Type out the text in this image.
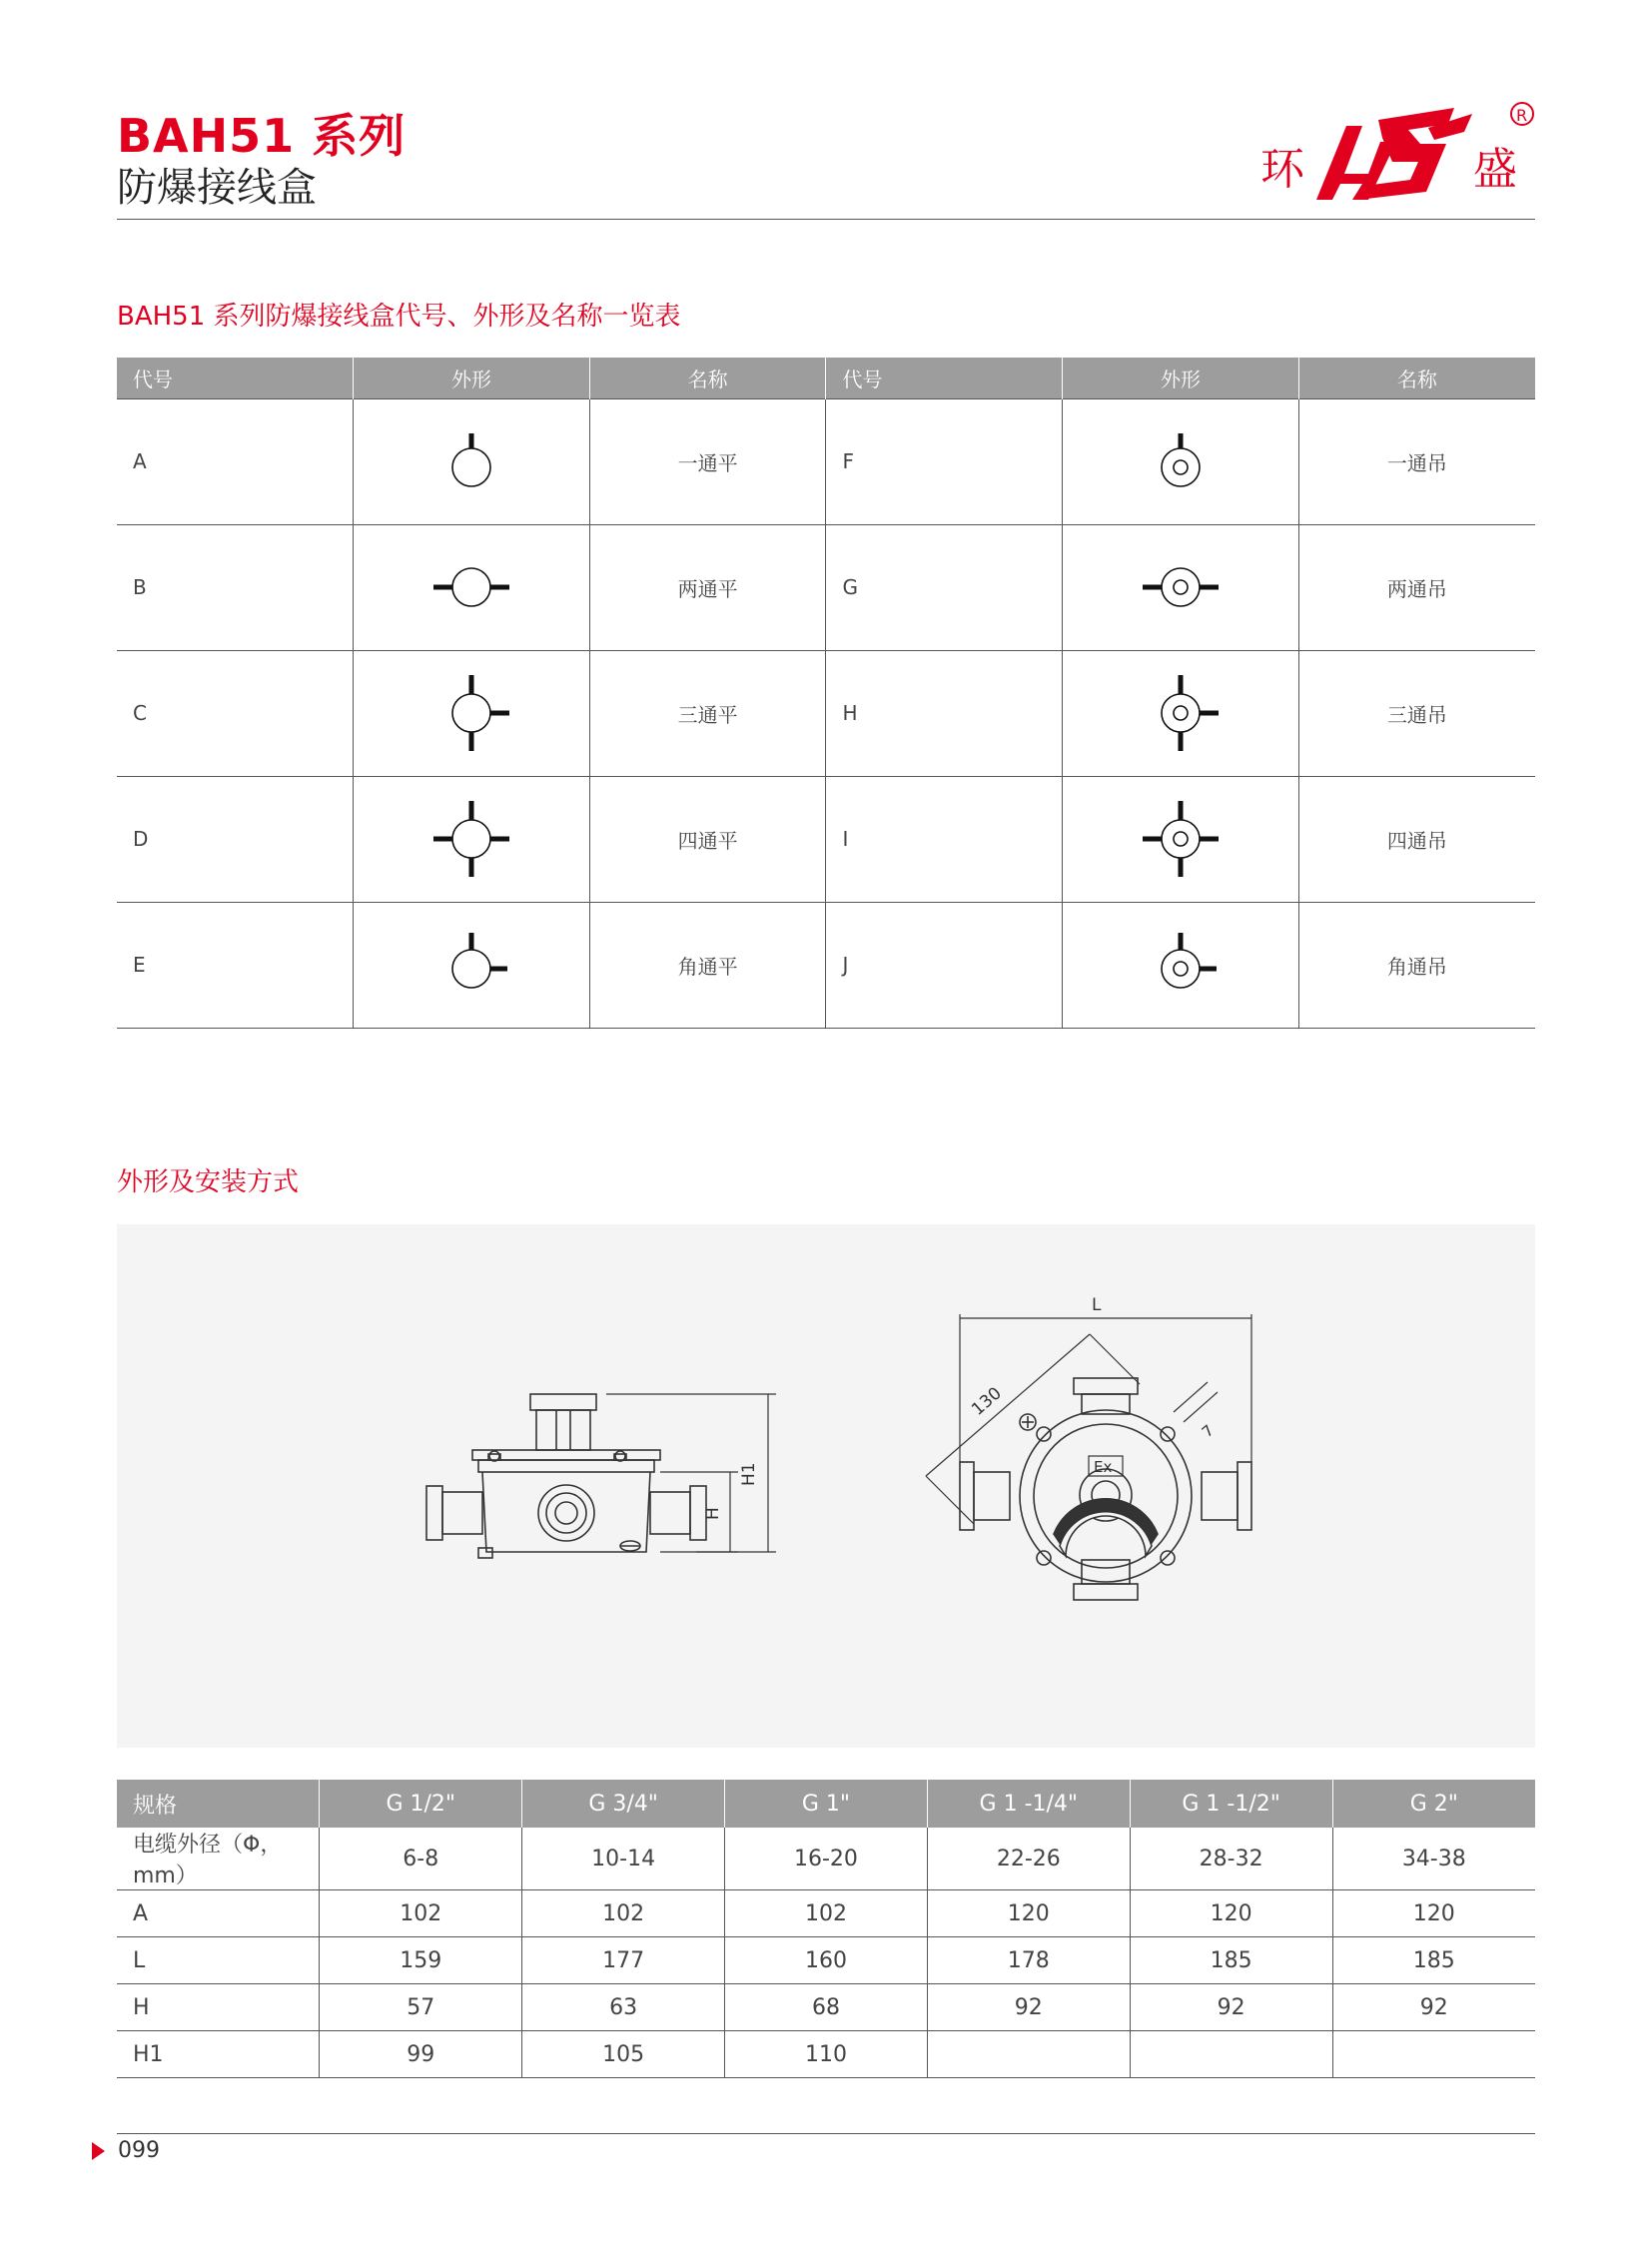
BAH51 系列
防爆接线盒	环	盛
R
BAH51 系列防爆接线盒代号、外形及名称一览表
代号	外形	名称	代号	外形	名称
A		一通平	F		一通吊
B		两通平	G		两通吊
C		三通平	H		三通吊
D		四通平	I		四通吊
E		角通平	J		角通吊
外形及安装方式
H
H1
L
130
7
Ex
规格	G 1/2"	G 3/4"	G 1"	G 1 -1/4"	G 1 -1/2"	G 2"
电缆外径（Φ，mm）	6-8	10-14	16-20	22-26	28-32	34-38
A	102	102	102	120	120	120
L	159	177	160	178	185	185
H	57	63	68	92	92	92
H1	99	105	110			
099
